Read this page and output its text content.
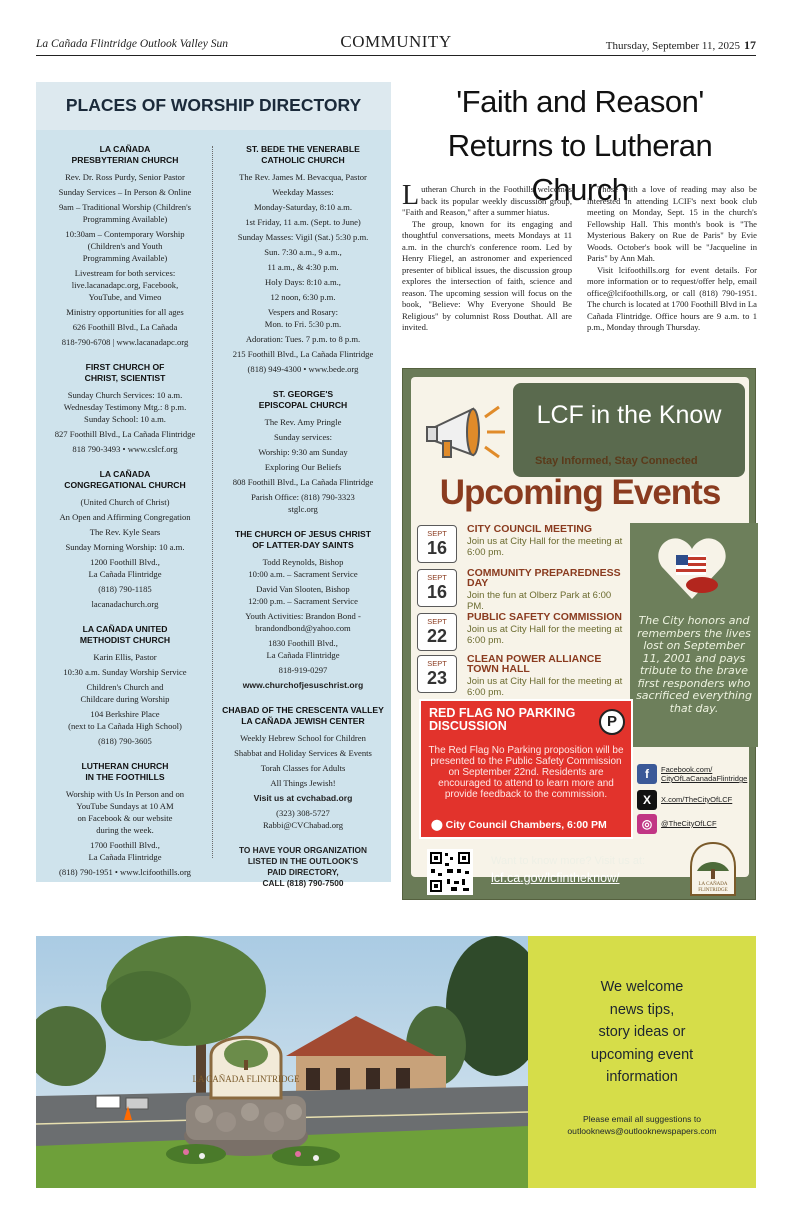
La Cañada Flintridge Outlook Valley Sun	COMMUNITY	Thursday, September 11, 2025 17
PLACES OF WORSHIP DIRECTORY
LA CAÑADA
PRESBYTERIAN CHURCH

Rev. Dr. Ross Purdy, Senior Pastor

Sunday Services – In Person & Online

9am – Traditional Worship (Children's
Programming Available)

10:30am – Contemporary Worship
(Children's and Youth
Programming Available)

Livestream for both services:
live.lacanadapc.org, Facebook,
YouTube, and Vimeo

Ministry opportunities for all ages

626 Foothill Blvd., La Cañada

818-790-6708 | www.lacanadapc.org

FIRST CHURCH OF
CHRIST, SCIENTIST

Sunday Church Services: 10 a.m.
Wednesday Testimony Mtg.: 8 p.m.
Sunday School: 10 a.m.

827 Foothill Blvd., La Cañada Flintridge

818 790-3493 • www.cslcf.org

LA CAÑADA
CONGREGATIONAL CHURCH

(United Church of Christ)

An Open and Affirming Congregation

The Rev. Kyle Sears

Sunday Morning Worship: 10 a.m.

1200 Foothill Blvd.,
La Cañada Flintridge

(818) 790-1185

lacanadachurch.org

LA CAÑADA UNITED
METHODIST CHURCH

Karin Ellis, Pastor

10:30 a.m. Sunday Worship Service

Children's Church and
Childcare during Worship

104 Berkshire Place
(next to La Cañada High School)

(818) 790-3605

LUTHERAN CHURCH
IN THE FOOTHILLS

Worship with Us In Person and on
YouTube Sundays at 10 AM
on Facebook & our website
during the week.

1700 Foothill Blvd.,
La Cañada Flintridge

(818) 790-1951 • www.lcifoothills.org

ST. BEDE THE VENERABLE
CATHOLIC CHURCH

The Rev. James M. Bevacqua, Pastor

Weekday Masses:

Monday-Saturday, 8:10 a.m.

1st Friday, 11 a.m. (Sept. to June)

Sunday Masses: Vigil (Sat.) 5:30 p.m.

Sun. 7:30 a.m., 9 a.m.,

11 a.m., & 4:30 p.m.

Holy Days: 8:10 a.m.,

12 noon, 6:30 p.m.

Vespers and Rosary:
Mon. to Fri. 5:30 p.m.

Adoration: Tues. 7 p.m. to 8 p.m.

215 Foothill Blvd., La Cañada Flintridge

(818) 949-4300 • www.bede.org

ST. GEORGE'S
EPISCOPAL CHURCH

The Rev. Amy Pringle

Sunday services:

Worship: 9:30 am Sunday

Exploring Our Beliefs

808 Foothill Blvd., La Cañada Flintridge

Parish Office: (818) 790-3323
stglc.org

THE CHURCH OF JESUS CHRIST
OF LATTER-DAY SAINTS

Todd Reynolds, Bishop
10:00 a.m. – Sacrament Service

David Van Slooten, Bishop
12:00 p.m. – Sacrament Service

Youth Activities: Brandon Bond -
brandondbond@yahoo.com

1830 Foothill Blvd.,
La Cañada Flintridge

818-919-0297

www.churchofjesuschrist.org

CHABAD OF THE CRESCENTA VALLEY
LA CAÑADA JEWISH CENTER

Weekly Hebrew School for Children

Shabbat and Holiday Services & Events

Torah Classes for Adults

All Things Jewish!

Visit us at cvchabad.org

(323) 308-5727
Rabbi@CVChabad.org

TO HAVE YOUR ORGANIZATION
LISTED IN THE OUTLOOK'S
PAID DIRECTORY,
CALL (818) 790-7500
'Faith and Reason' Returns to Lutheran Church

Lutheran Church in the Foothills welcomes back its popular weekly discussion group, "Faith and Reason," after a summer hiatus.

The group, known for its engaging and thoughtful conversations, meets Mondays at 11 a.m. in the church's conference room. Led by Henry Fliegel, an astronomer and experienced presenter of biblical issues, the discussion group explores the intersection of faith, science and reason. The upcoming session will focus on the book, "Believe: Why Everyone Should Be Religious" by columnist Ross Douthat. All are invited.

Those with a love of reading may also be interested in attending LCIF's next book club meeting on Monday, Sept. 15 in the church's Fellowship Hall. This month's book is "The Mysterious Bakery on Rue de Paris" by Evie Woods. October's book will be "Jacqueline in Paris" by Ann Mah.

Visit lcifoothills.org for event details. For more information or to request/offer help, email office@lcifoothills.org, or call (818) 790-1951. The church is located at 1700 Foothill Blvd in La Cañada Flintridge. Office hours are 9 a.m. to 1 p.m., Monday through Thursday.

LCF in the Know
Stay Informed, Stay Connected
Upcoming Events
SEPT
16
CITY COUNCIL MEETING
Join us at City Hall for the meeting at 6:00 pm.
SEPT
16
COMMUNITY PREPAREDNESS DAY
Join the fun at Olberz Park at 6:00 PM.
SEPT
22
PUBLIC SAFETY COMMISSION
Join us at City Hall for the meeting at 6:00 pm.
SEPT
23
CLEAN POWER ALLIANCE TOWN HALL
Join us at City Hall for the meeting at 6:00 pm.
The City honors and remembers the lives lost on September 11, 2001 and pays tribute to the brave first responders who sacrificed everything that day.
RED FLAG NO PARKING DISCUSSION	P
The Red Flag No Parking proposition will be presented to the Public Safety Commission on September 22nd. Residents are encouraged to attend to learn more and provide feedback to the commission.
⬤ City Council Chambers, 6:00 PM
f	Facebook.com/
CityOfLaCanadaFlintridge
X	X.com/TheCityOfLCF
◎	@TheCityOfLCF
Want to know more? Visit us at:
lcf.ca.gov/lcfintheknow/	LA CAÑADA
FLINTRIDGE
LA CAÑADA FLINTRIDGE
We welcome
news tips,
story ideas or
upcoming event
information
Please email all suggestions to
outlooknews@outlooknewspapers.com
